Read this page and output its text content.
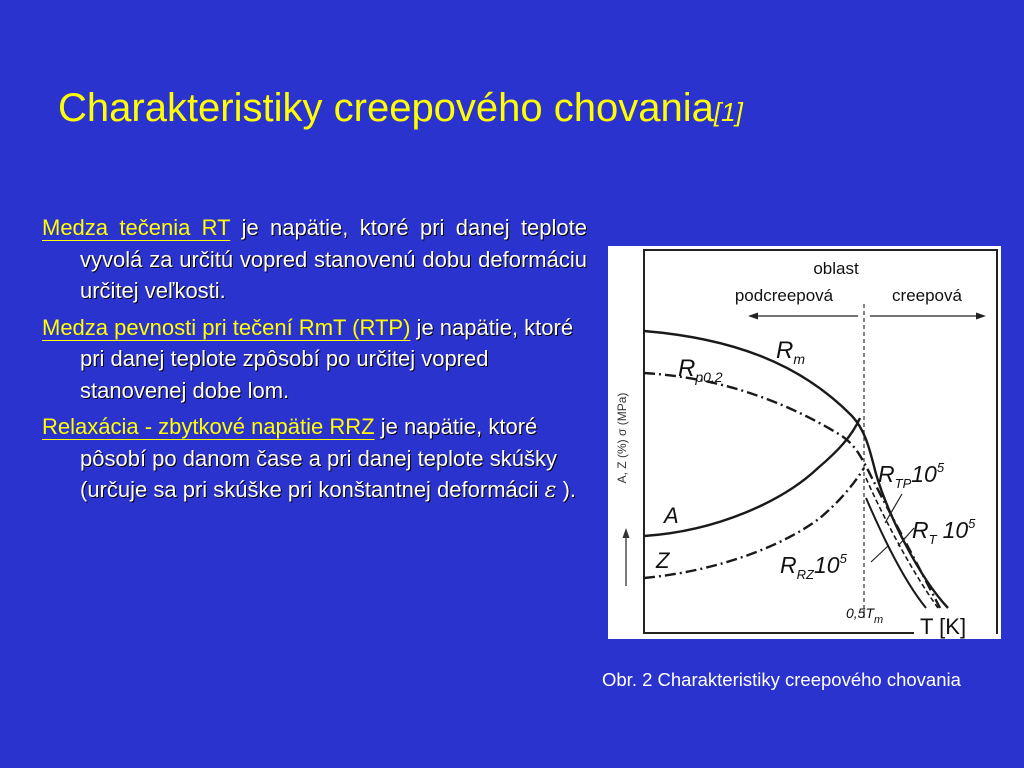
Charakteristiky creepového chovania[1]

Medza tečenia RT je napätie, ktoré pri danej teplote vyvolá za určitú vopred stanovenú dobu deformáciu určitej veľkosti.

Medza pevnosti pri tečení RmT (RTP) je napätie, ktoré pri danej teplote zpôsobí po určitej vopred stanovenej dobe lom.

Relaxácia - zbytkové napätie RRZ je napätie, ktoré pôsobí po danom čase a pri danej teplote skúšky (určuje sa pri skúške pri konštantnej deformácii ε ).

A, Z (%) σ (MPa)
oblast
podcreepová	creepová
$R_m$
$R_{p0,2}$
A
Z
$R_{TP}10^5$
$R_T$ $10^5$
$R_{RZ}10^5$
$0,5T_m$ T [K]
Obr. 2 Charakteristiky creepového chovania
